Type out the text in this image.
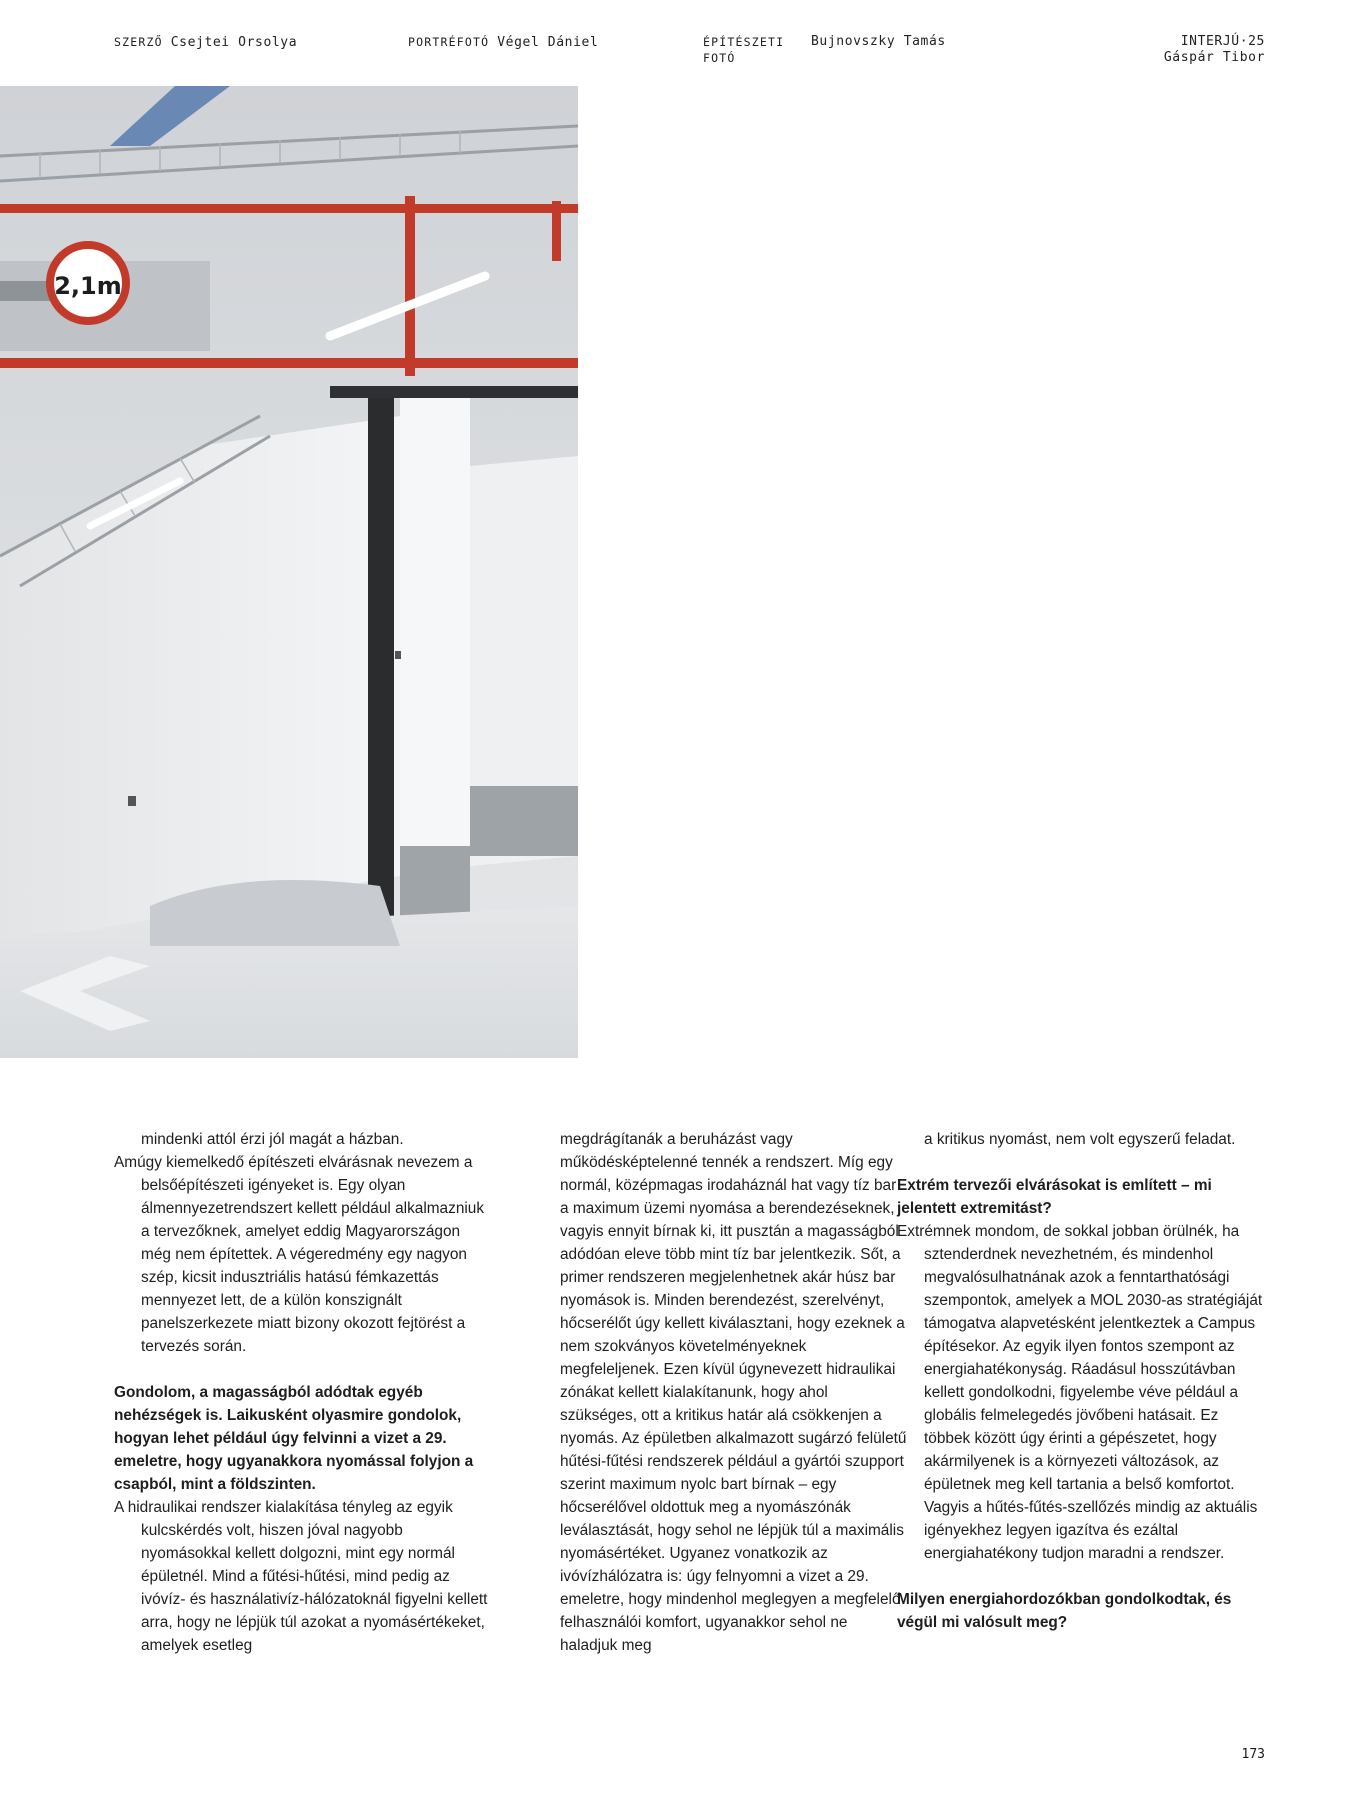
SZERZŐ Csejtei Orsolya	PORTRÉFOTÓ Végel Dániel	ÉPÍTÉSZETI FOTÓ
Bujnovszky Tamás	INTERJÚ·25
Gáspár Tibor
2,1m

mindenki attól érzi jól magát a házban.

Amúgy kiemelkedő építészeti elvárásnak nevezem a belsőépítészeti igényeket is. Egy olyan álmennyezetrendszert kellett például alkalmazniuk a tervezőknek, amelyet eddig Magyarországon még nem építettek. A végeredmény egy nagyon szép, kicsit indusztriális hatású fémkazettás mennyezet lett, de a külön konszignált panelszerkezete miatt bizony okozott fejtörést a tervezés során.

Gondolom, a magasságból adódtak egyéb nehézségek is. Laikusként olyasmire gondolok, hogyan lehet például úgy felvinni a vizet a 29. emeletre, hogy ugyanakkora nyomással folyjon a csapból, mint a földszinten.

A hidraulikai rendszer kialakítása tényleg az egyik kulcskérdés volt, hiszen jóval nagyobb nyomásokkal kellett dolgozni, mint egy normál épületnél. Mind a fűtési-hűtési, mind pedig az ivóvíz- és használativíz-hálózatoknál figyelni kellett arra, hogy ne lépjük túl azokat a nyomásértékeket, amelyek esetleg

megdrágítanák a beruházást vagy működésképtelenné tennék a rendszert. Míg egy normál, középmagas irodaháznál hat vagy tíz bar a maximum üzemi nyomása a berendezéseknek, vagyis ennyit bírnak ki, itt pusztán a magasságból adódóan eleve több mint tíz bar jelentkezik. Sőt, a primer rendszeren megjelenhetnek akár húsz bar nyomások is. Minden berendezést, szerelvényt, hőcserélőt úgy kellett kiválasztani, hogy ezeknek a nem szokványos követelményeknek megfeleljenek. Ezen kívül úgynevezett hidraulikai zónákat kellett kialakítanunk, hogy ahol szükséges, ott a kritikus határ alá csökkenjen a nyomás. Az épületben alkalmazott sugárzó felületű hűtési-fűtési rendszerek például a gyártói szupport szerint maximum nyolc bart bírnak – egy hőcserélővel oldottuk meg a nyomászónák leválasztását, hogy sehol ne lépjük túl a maximális nyomásértéket. Ugyanez vonatkozik az ivóvízhálózatra is: úgy felnyomni a vizet a 29. emeletre, hogy mindenhol meglegyen a megfelelő felhasználói komfort, ugyanakkor sehol ne haladjuk meg

a kritikus nyomást, nem volt egyszerű feladat.

Extrém tervezői elvárásokat is említett – mi jelentett extremitást?

Extrémnek mondom, de sokkal jobban örülnék, ha sztenderdnek nevezhetném, és mindenhol megvalósulhatnának azok a fenntarthatósági szempontok, amelyek a MOL 2030-as stratégiáját támogatva alapvetésként jelentkeztek a Campus építésekor. Az egyik ilyen fontos szempont az energiahatékonyság. Ráadásul hosszútávban kellett gondolkodni, figyelembe véve például a globális felmelegedés jövőbeni hatásait. Ez többek között úgy érinti a gépészetet, hogy akármilyenek is a környezeti változások, az épületnek meg kell tartania a belső komfortot. Vagyis a hűtés-fűtés-szellőzés mindig az aktuális igényekhez legyen igazítva és ezáltal energiahatékony tudjon maradni a rendszer.

Milyen energiahordozókban gondolkodtak, és végül mi valósult meg?

173
